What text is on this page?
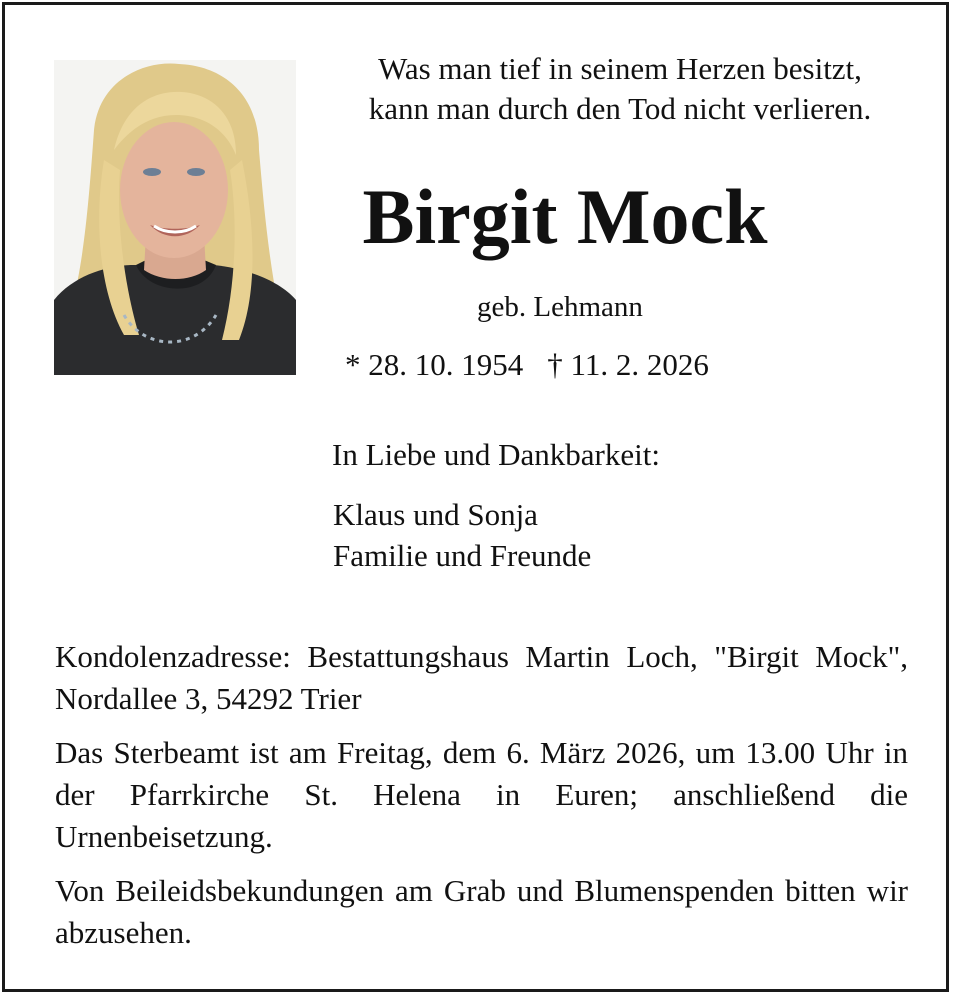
Was man tief in seinem Herzen besitzt,
kann man durch den Tod nicht verlieren.
Birgit Mock
geb. Lehmann
* 28. 10. 1954 † 11. 2. 2026
In Liebe und Dankbarkeit:
Klaus und Sonja
Familie und Freunde
Kondolenzadresse: Bestattungshaus Martin Loch, "Birgit Mock", Nordallee 3, 54292 Trier
Das Sterbeamt ist am Freitag, dem 6. März 2026, um 13.00 Uhr in der Pfarrkirche St. Helena in Euren; anschließend die Urnenbeisetzung.
Von Beileidsbekundungen am Grab und Blumenspenden bitten wir abzusehen.
